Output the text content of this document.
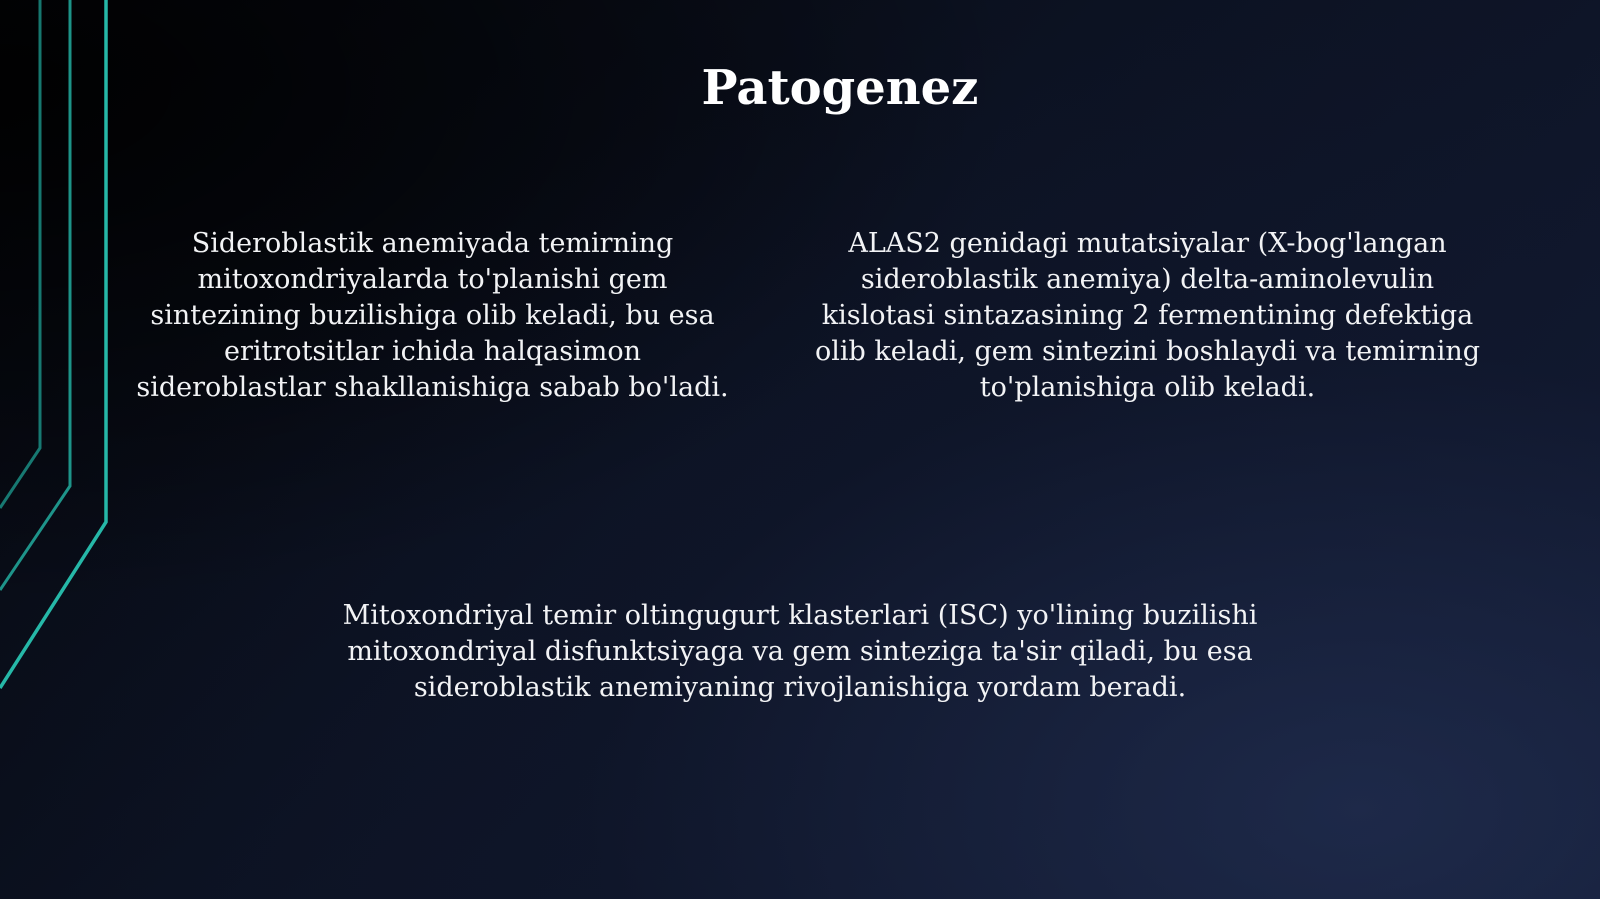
Patogenez

Sideroblastik anemiyada temirning
mitoxondriyalarda to'planishi gem
sintezining buzilishiga olib keladi, bu esa
eritrotsitlar ichida halqasimon
sideroblastlar shakllanishiga sabab bo'ladi.

ALAS2 genidagi mutatsiyalar (X-bog'langan
sideroblastik anemiya) delta-aminolevulin
kislotasi sintazasining 2 fermentining defektiga
olib keladi, gem sintezini boshlaydi va temirning
to'planishiga olib keladi.

Mitoxondriyal temir oltingugurt klasterlari (ISC) yo'lining buzilishi
mitoxondriyal disfunktsiyaga va gem sinteziga ta'sir qiladi, bu esa
sideroblastik anemiyaning rivojlanishiga yordam beradi.
